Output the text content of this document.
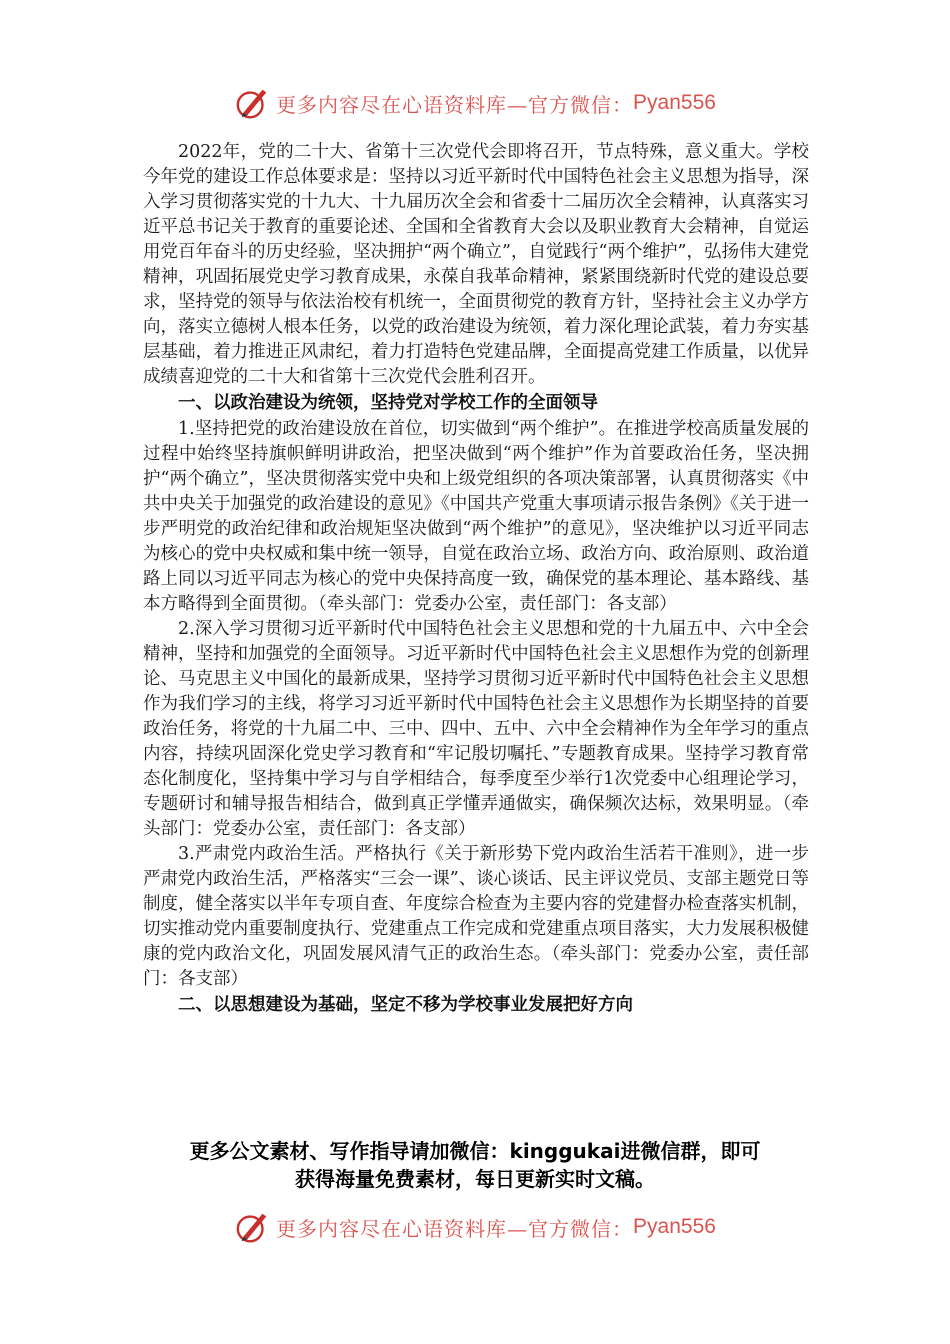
更多内容尽在心语资料库—官方微信： Pyan556

2022年，党的二十大、省第十三次党代会即将召开，节点特殊，意义重大。学校今年党的建设工作总体要求是：坚持以习近平新时代中国特色社会主义思想为指导，深入学习贯彻落实党的十九大、十九届历次全会和省委十二届历次全会精神，认真落实习近平总书记关于教育的重要论述、全国和全省教育大会以及职业教育大会精神，自觉运用党百年奋斗的历史经验，坚决拥护“两个确立”，自觉践行“两个维护”，弘扬伟大建党精神，巩固拓展党史学习教育成果，永葆自我革命精神，紧紧围绕新时代党的建设总要求，坚持党的领导与依法治校有机统一，全面贯彻党的教育方针，坚持社会主义办学方向，落实立德树人根本任务，以党的政治建设为统领，着力深化理论武装，着力夯实基层基础，着力推进正风肃纪，着力打造特色党建品牌，全面提高党建工作质量，以优异成绩喜迎党的二十大和省第十三次党代会胜利召开。

一、以政治建设为统领，坚持党对学校工作的全面领导

1.坚持把党的政治建设放在首位，切实做到“两个维护”。在推进学校高质量发展的过程中始终坚持旗帜鲜明讲政治，把坚决做到“两个维护”作为首要政治任务，坚决拥护“两个确立”，坚决贯彻落实党中央和上级党组织的各项决策部署，认真贯彻落实《中共中央关于加强党的政治建设的意见》《中国共产党重大事项请示报告条例》《关于进一步严明党的政治纪律和政治规矩坚决做到“两个维护”的意见》，坚决维护以习近平同志为核心的党中央权威和集中统一领导，自觉在政治立场、政治方向、政治原则、政治道路上同以习近平同志为核心的党中央保持高度一致，确保党的基本理论、基本路线、基本方略得到全面贯彻。（牵头部门：党委办公室，责任部门：各支部）

2.深入学习贯彻习近平新时代中国特色社会主义思想和党的十九届五中、六中全会精神，坚持和加强党的全面领导。习近平新时代中国特色社会主义思想作为党的创新理论、马克思主义中国化的最新成果，坚持学习贯彻习近平新时代中国特色社会主义思想作为我们学习的主线，将学习习近平新时代中国特色社会主义思想作为长期坚持的首要政治任务，将党的十九届二中、三中、四中、五中、六中全会精神作为全年学习的重点内容，持续巩固深化党史学习教育和“牢记殷切嘱托、”专题教育成果。坚持学习教育常态化制度化，坚持集中学习与自学相结合，每季度至少举行1次党委中心组理论学习，专题研讨和辅导报告相结合，做到真正学懂弄通做实，确保频次达标，效果明显。（牵头部门：党委办公室，责任部门：各支部）

3.严肃党内政治生活。严格执行《关于新形势下党内政治生活若干准则》，进一步严肃党内政治生活，严格落实“三会一课”、谈心谈话、民主评议党员、支部主题党日等制度，健全落实以半年专项自查、年度综合检查为主要内容的党建督办检查落实机制，切实推动党内重要制度执行、党建重点工作完成和党建重点项目落实，大力发展积极健康的党内政治文化，巩固发展风清气正的政治生态。（牵头部门：党委办公室，责任部门：各支部）

二、以思想建设为基础，坚定不移为学校事业发展把好方向

更多公文素材、写作指导请加微信：kinggukai进微信群，即可
获得海量免费素材，每日更新实时文稿。
更多内容尽在心语资料库—官方微信： Pyan556
